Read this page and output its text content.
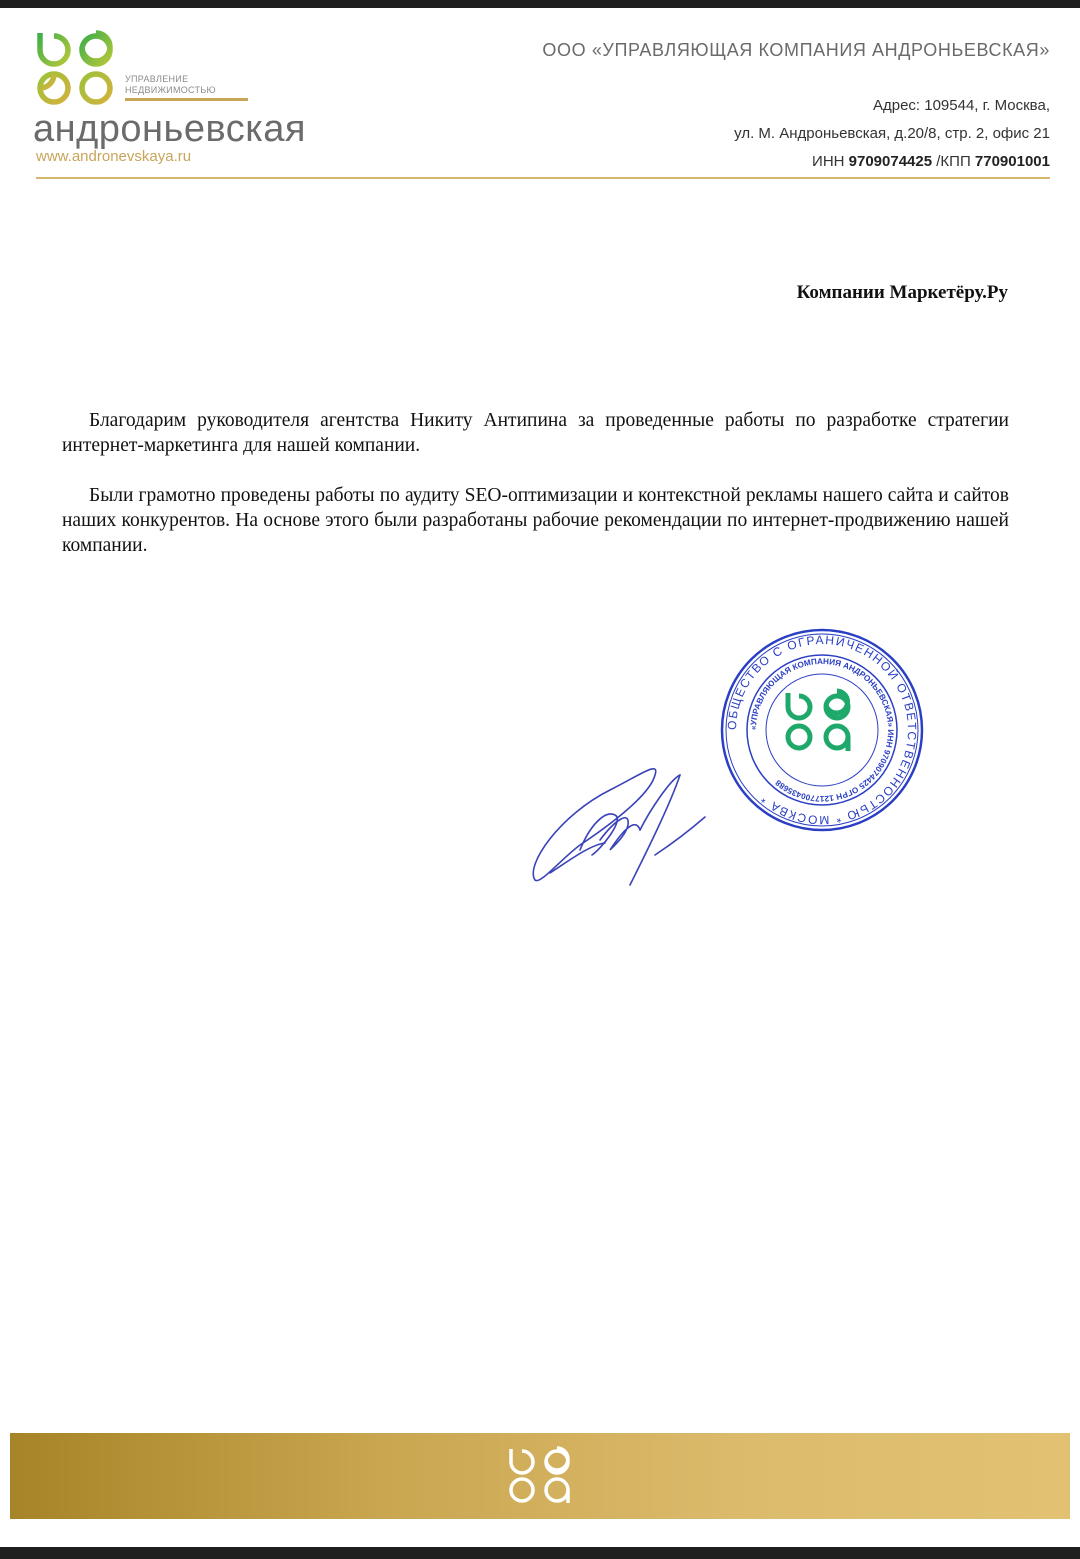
УПРАВЛЕНИЕ
НЕДВИЖИМОСТЬЮ
андроньевская
www.andronevskaya.ru
ООО «УПРАВЛЯЮЩАЯ КОМПАНИЯ АНДРОНЬЕВСКАЯ»
Адрес: 109544, г. Москва,
ул. М. Андроньевская, д.20/8, стр. 2, офис 21
ИНН 9709074425 /КПП 770901001
Компании Маркетёру.Ру

Благодарим руководителя агентства Никиту Антипина за проведенные работы по разработке стратегии интернет-маркетинга для нашей компании.

Были грамотно проведены работы по аудиту SEO-оптимизации и контекстной рекламы нашего сайта и сайтов наших конкурентов. На основе этого были разработаны рабочие рекомендации по интернет-продвижению нашей компании.

ОБЩЕСТВО С ОГРАНИЧЕННОЙ ОТВЕТСТВЕННОСТЬЮ * МОСКВА *
«УПРАВЛЯЮЩАЯ КОМПАНИЯ АНДРОНЬЕВСКАЯ» ИНН 9709074425 ОГРН 1217700435688
